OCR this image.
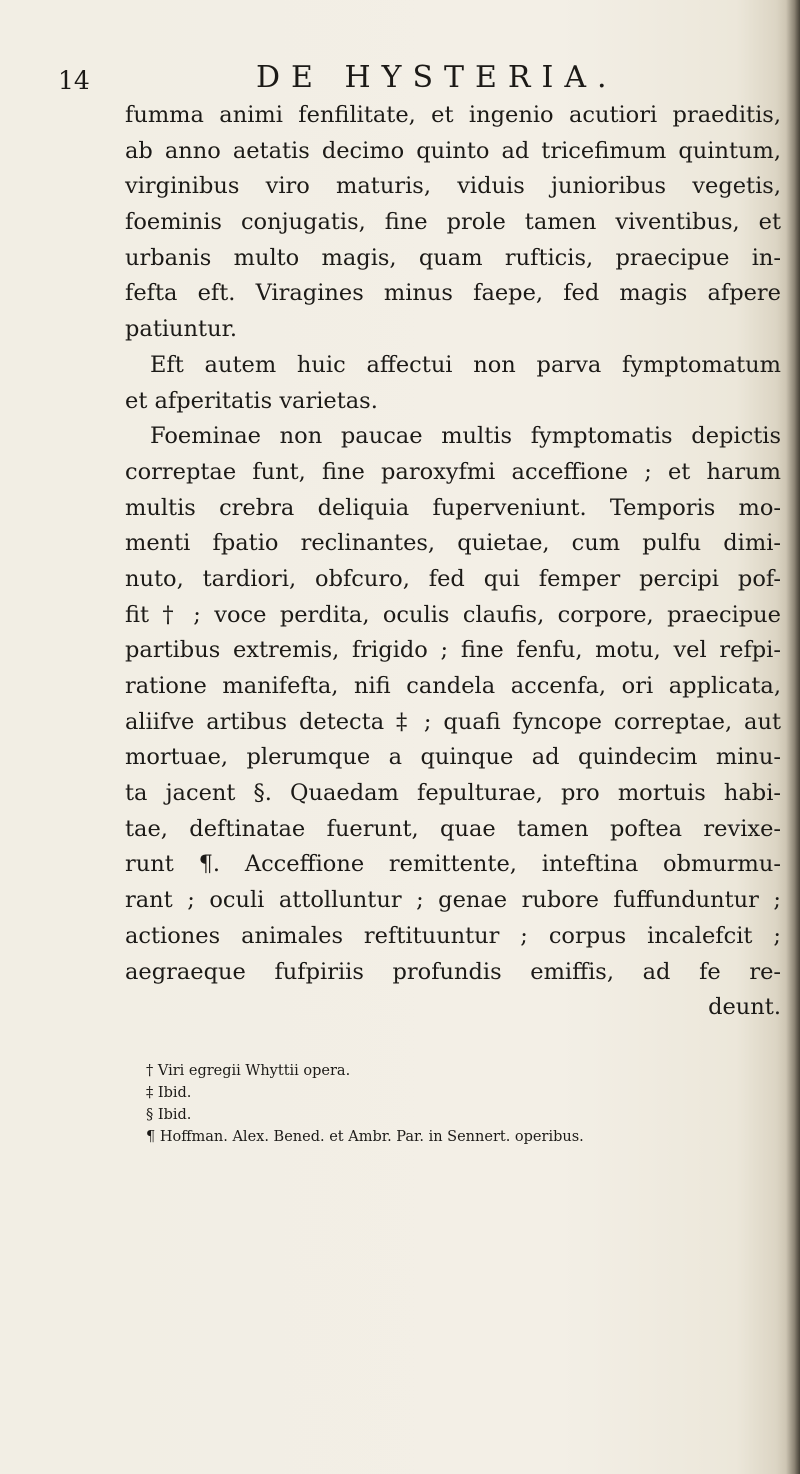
14	DE HYSTERIA.
fumma animi fenfilitate, et ingenio acutiori praeditis,
ab anno aetatis decimo quinto ad tricefimum quintum,
virginibus viro maturis, viduis junioribus vegetis,
foeminis conjugatis, fine prole tamen viventibus, et
urbanis multo magis, quam rufticis, praecipue in-
fefta eft. Viragines minus faepe, fed magis afpere
patiuntur.
Eft autem huic affectui non parva fymptomatum
et afperitatis varietas.
Foeminae non paucae multis fymptomatis depictis
correptae funt, fine paroxyfmi acceffione ; et harum
multis crebra deliquia fuperveniunt. Temporis mo-
menti fpatio reclinantes, quietae, cum pulfu dimi-
nuto, tardiori, obfcuro, fed qui femper percipi pof-
fit † ; voce perdita, oculis claufis, corpore, praecipue
partibus extremis, frigido ; fine fenfu, motu, vel refpi-
ratione manifefta, nifi candela accenfa, ori applicata,
aliifve artibus detecta ‡ ; quafi fyncope correptae, aut
mortuae, plerumque a quinque ad quindecim minu-
ta jacent §. Quaedam fepulturae, pro mortuis habi-
tae, deftinatae fuerunt, quae tamen poftea revixe-
runt ¶. Acceffione remittente, inteftina obmurmu-
rant ; oculi attolluntur ; genae rubore fuffunduntur ;
actiones animales reftituuntur ; corpus incalefcit ;
aegraeque fufpiriis profundis emiffis, ad fe re-
deunt.
† Viri egregii Whyttii opera.
‡ Ibid.
§ Ibid.
¶ Hoffman. Alex. Bened. et Ambr. Par. in Sennert. operibus.
